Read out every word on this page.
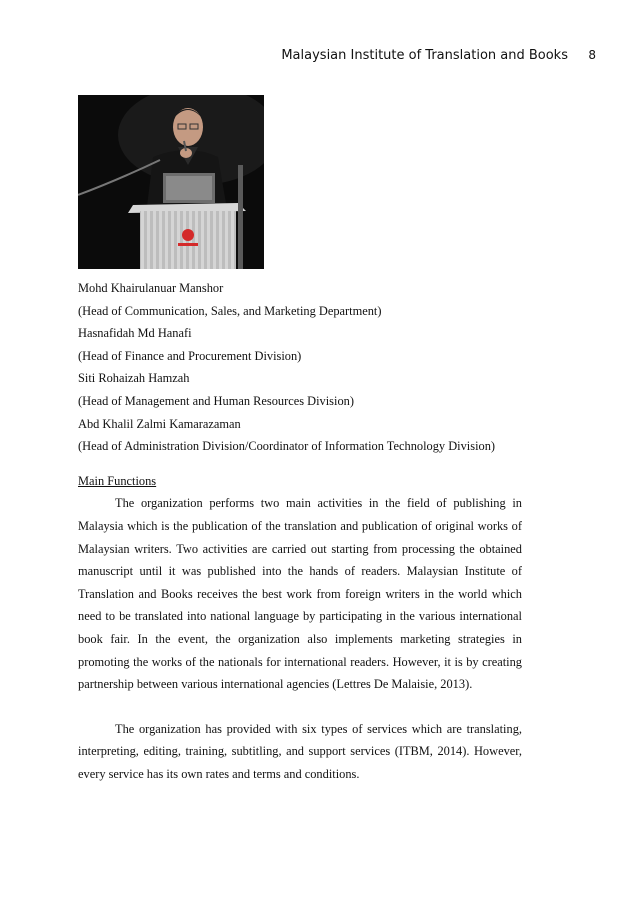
Malaysian Institute of Translation and Books 8
Mohd Khairulanuar Manshor
(Head of Communication, Sales, and Marketing Department)
Hasnafidah Md Hanafi
(Head of Finance and Procurement Division)
Siti Rohaizah Hamzah
(Head of Management and Human Resources Division)
Abd Khalil Zalmi Kamarazaman
(Head of Administration Division/Coordinator of Information Technology Division)
Main Functions

The organization performs two main activities in the field of publishing in Malaysia which is the publication of the translation and publication of original works of Malaysian writers. Two activities are carried out starting from processing the obtained manuscript until it was published into the hands of readers. Malaysian Institute of Translation and Books receives the best work from foreign writers in the world which need to be translated into national language by participating in the various international book fair. In the event, the organization also implements marketing strategies in promoting the works of the nationals for international readers. However, it is by creating partnership between various international agencies (Lettres De Malaisie, 2013).

The organization has provided with six types of services which are translating, interpreting, editing, training, subtitling, and support services (ITBM, 2014). However, every service has its own rates and terms and conditions.
